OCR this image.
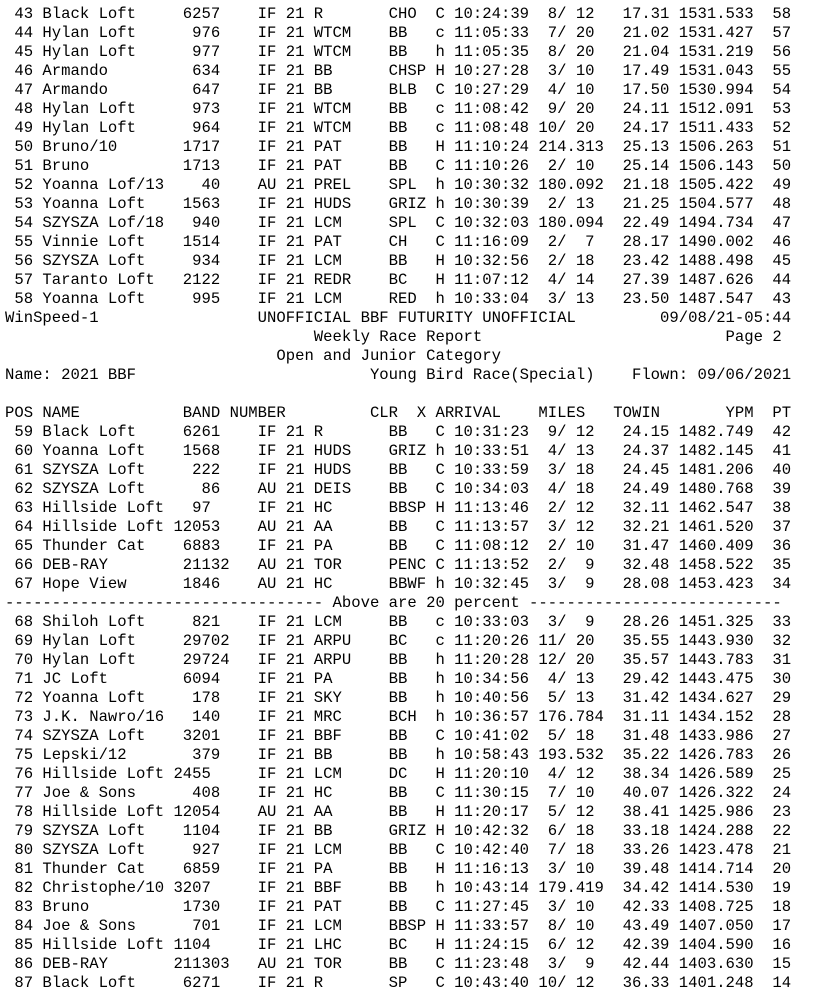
43 Black Loft     6257    IF 21 R       CHO  C 10:24:39  8/ 12   17.31 1531.533  58
44 Hylan Loft      976    IF 21 WTCM    BB   c 11:05:33  7/ 20   21.02 1531.427  57
45 Hylan Loft      977    IF 21 WTCM    BB   h 11:05:35  8/ 20   21.04 1531.219  56
46 Armando         634    IF 21 BB      CHSP H 10:27:28  3/ 10   17.49 1531.043  55
47 Armando         647    IF 21 BB      BLB  C 10:27:29  4/ 10   17.50 1530.994  54
48 Hylan Loft      973    IF 21 WTCM    BB   c 11:08:42  9/ 20   24.11 1512.091  53
49 Hylan Loft      964    IF 21 WTCM    BB   c 11:08:48 10/ 20   24.17 1511.433  52
50 Bruno/10       1717    IF 21 PAT     BB   H 11:10:24 214.313  25.13 1506.263  51
51 Bruno          1713    IF 21 PAT     BB   C 11:10:26  2/ 10   25.14 1506.143  50
52 Yoanna Lof/13    40    AU 21 PREL    SPL  h 10:30:32 180.092  21.18 1505.422  49
53 Yoanna Loft    1563    IF 21 HUDS    GRIZ h 10:30:39  2/ 13   21.25 1504.577  48
54 SZYSZA Lof/18   940    IF 21 LCM     SPL  C 10:32:03 180.094  22.49 1494.734  47
55 Vinnie Loft    1514    IF 21 PAT     CH   C 11:16:09  2/  7   28.17 1490.002  46
56 SZYSZA Loft     934    IF 21 LCM     BB   H 10:32:56  2/ 18   23.42 1488.498  45
57 Taranto Loft   2122    IF 21 REDR    BC   H 11:07:12  4/ 14   27.39 1487.626  44
58 Yoanna Loft     995    IF 21 LCM     RED  h 10:33:04  3/ 13   23.50 1487.547  43
WinSpeed-1                 UNOFFICIAL BBF FUTURITY UNOFFICIAL         09/08/21-05:44
Weekly Race Report                          Page 2
Open and Junior Category
Name: 2021 BBF                         Young Bird Race(Special)    Flown: 09/06/2021

POS NAME           BAND NUMBER         CLR  X ARRIVAL    MILES   TOWIN       YPM  PT
59 Black Loft     6261    IF 21 R       BB   C 10:31:23  9/ 12   24.15 1482.749  42
60 Yoanna Loft    1568    IF 21 HUDS    GRIZ h 10:33:51  4/ 13   24.37 1482.145  41
61 SZYSZA Loft     222    IF 21 HUDS    BB   C 10:33:59  3/ 18   24.45 1481.206  40
62 SZYSZA Loft      86    AU 21 DEIS    BB   C 10:34:03  4/ 18   24.49 1480.768  39
63 Hillside Loft   97     IF 21 HC      BBSP H 11:13:46  2/ 12   32.11 1462.547  38
64 Hillside Loft 12053    AU 21 AA      BB   C 11:13:57  3/ 12   32.21 1461.520  37
65 Thunder Cat    6883    IF 21 PA      BB   C 11:08:12  2/ 10   31.47 1460.409  36
66 DEB-RAY        21132   AU 21 TOR     PENC C 11:13:52  2/  9   32.48 1458.522  35
67 Hope View      1846    AU 21 HC      BBWF h 10:32:45  3/  9   28.08 1453.423  34
---------------------------------- Above are 20 percent ---------------------------
68 Shiloh Loft     821    IF 21 LCM     BB   c 10:33:03  3/  9   28.26 1451.325  33
69 Hylan Loft     29702   IF 21 ARPU    BC   c 11:20:26 11/ 20   35.55 1443.930  32
70 Hylan Loft     29724   IF 21 ARPU    BB   h 11:20:28 12/ 20   35.57 1443.783  31
71 JC Loft        6094    IF 21 PA      BB   h 10:34:56  4/ 13   29.42 1443.475  30
72 Yoanna Loft     178    IF 21 SKY     BB   h 10:40:56  5/ 13   31.42 1434.627  29
73 J.K. Nawro/16   140    IF 21 MRC     BCH  h 10:36:57 176.784  31.11 1434.152  28
74 SZYSZA Loft    3201    IF 21 BBF     BB   C 10:41:02  5/ 18   31.48 1433.986  27
75 Lepski/12       379    IF 21 BB      BB   h 10:58:43 193.532  35.22 1426.783  26
76 Hillside Loft 2455     IF 21 LCM     DC   H 11:20:10  4/ 12   38.34 1426.589  25
77 Joe & Sons      408    IF 21 HC      BB   C 11:30:15  7/ 10   40.07 1426.322  24
78 Hillside Loft 12054    AU 21 AA      BB   H 11:20:17  5/ 12   38.41 1425.986  23
79 SZYSZA Loft    1104    IF 21 BB      GRIZ H 10:42:32  6/ 18   33.18 1424.288  22
80 SZYSZA Loft     927    IF 21 LCM     BB   C 10:42:40  7/ 18   33.26 1423.478  21
81 Thunder Cat    6859    IF 21 PA      BB   H 11:16:13  3/ 10   39.48 1414.714  20
82 Christophe/10 3207     IF 21 BBF     BB   h 10:43:14 179.419  34.42 1414.530  19
83 Bruno          1730    IF 21 PAT     BB   C 11:27:45  3/ 10   42.33 1408.725  18
84 Joe & Sons      701    IF 21 LCM     BBSP H 11:33:57  8/ 10   43.49 1407.050  17
85 Hillside Loft 1104     IF 21 LHC     BC   H 11:24:15  6/ 12   42.39 1404.590  16
86 DEB-RAY       211303   AU 21 TOR     BB   C 11:23:48  3/  9   42.44 1403.630  15
87 Black Loft     6271    IF 21 R       SP   C 10:43:40 10/ 12   36.33 1401.248  14
